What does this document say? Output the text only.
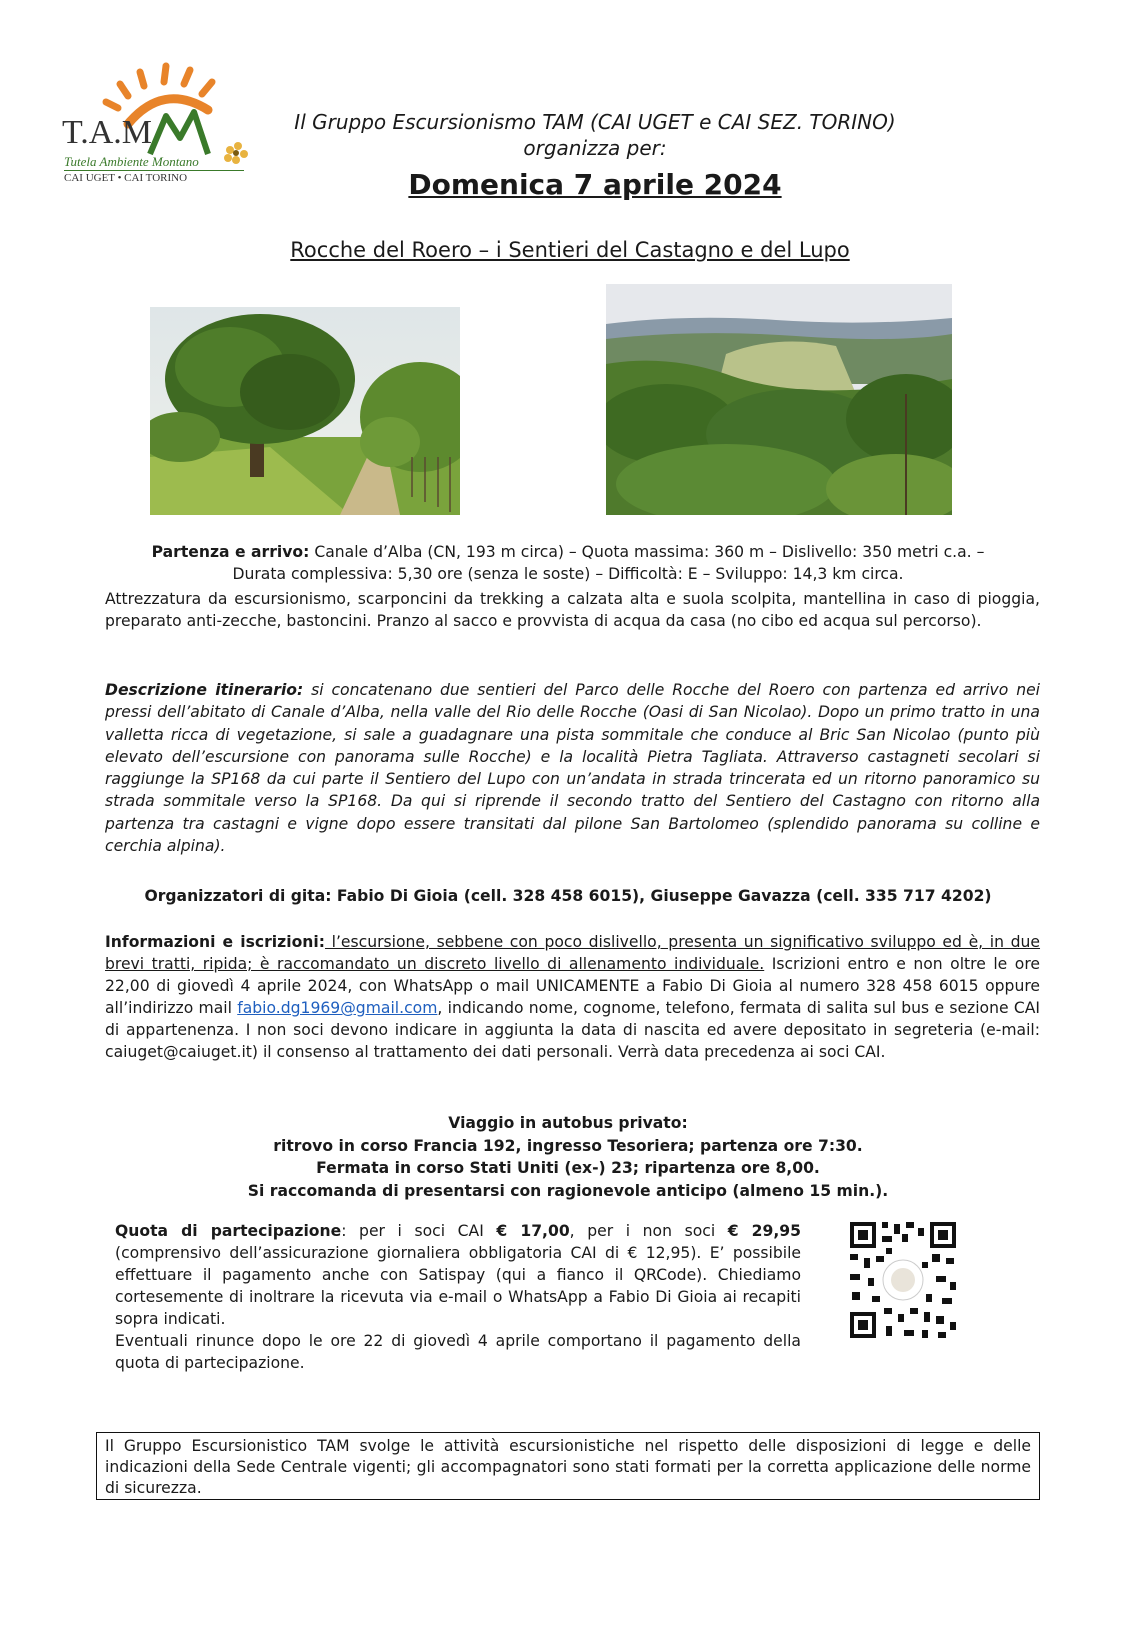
T.A.M
Tutela Ambiente Montano
CAI UGET • CAI TORINO
Il Gruppo Escursionismo TAM (CAI UGET e CAI SEZ. TORINO)
organizza per:
Domenica 7 aprile 2024
Rocche del Roero – i Sentieri del Castagno e del Lupo
Partenza e arrivo: Canale d’Alba (CN, 193 m circa) – Quota massima: 360 m – Dislivello: 350 metri c.a. –
Durata complessiva: 5,30 ore (senza le soste) – Difficoltà: E – Sviluppo: 14,3 km circa.
Attrezzatura da escursionismo, scarponcini da trekking a calzata alta e suola scolpita, mantellina in caso di pioggia, preparato anti-zecche, bastoncini. Pranzo al sacco e provvista di acqua da casa (no cibo ed acqua sul percorso).
Descrizione itinerario: si concatenano due sentieri del Parco delle Rocche del Roero con partenza ed arrivo nei pressi dell’abitato di Canale d’Alba, nella valle del Rio delle Rocche (Oasi di San Nicolao). Dopo un primo tratto in una valletta ricca di vegetazione, si sale a guadagnare una pista sommitale che conduce al Bric San Nicolao (punto più elevato dell’escursione con panorama sulle Rocche) e la località Pietra Tagliata. Attraverso castagneti secolari si raggiunge la SP168 da cui parte il Sentiero del Lupo con un’andata in strada trincerata ed un ritorno panoramico su strada sommitale verso la SP168. Da qui si riprende il secondo tratto del Sentiero del Castagno con ritorno alla partenza tra castagni e vigne dopo essere transitati dal pilone San Bartolomeo (splendido panorama su colline e cerchia alpina).
Organizzatori di gita: Fabio Di Gioia (cell. 328 458 6015), Giuseppe Gavazza (cell. 335 717 4202)
Informazioni e iscrizioni: l’escursione, sebbene con poco dislivello, presenta un significativo sviluppo ed è, in due brevi tratti, ripida; è raccomandato un discreto livello di allenamento individuale. Iscrizioni entro e non oltre le ore 22,00 di giovedì 4 aprile 2024, con WhatsApp o mail UNICAMENTE a Fabio Di Gioia al numero 328 458 6015 oppure all’indirizzo mail fabio.dg1969@gmail.com, indicando nome, cognome, telefono, fermata di salita sul bus e sezione CAI di appartenenza. I non soci devono indicare in aggiunta la data di nascita ed avere depositato in segreteria (e-mail: caiuget@caiuget.it) il consenso al trattamento dei dati personali. Verrà data precedenza ai soci CAI.
Viaggio in autobus privato:
ritrovo in corso Francia 192, ingresso Tesoriera; partenza ore 7:30.
Fermata in corso Stati Uniti (ex-) 23; ripartenza ore 8,00.
Si raccomanda di presentarsi con ragionevole anticipo (almeno 15 min.).
Quota di partecipazione: per i soci CAI € 17,00, per i non soci € 29,95 (comprensivo dell’assicurazione giornaliera obbligatoria CAI di € 12,95). E’ possibile effettuare il pagamento anche con Satispay (qui a fianco il QRCode). Chiediamo cortesemente di inoltrare la ricevuta via e-mail o WhatsApp a Fabio Di Gioia ai recapiti sopra indicati.
Eventuali rinunce dopo le ore 22 di giovedì 4 aprile comportano il pagamento della quota di partecipazione.
Il Gruppo Escursionistico TAM svolge le attività escursionistiche nel rispetto delle disposizioni di legge e delle indicazioni della Sede Centrale vigenti; gli accompagnatori sono stati formati per la corretta applicazione delle norme di sicurezza.
